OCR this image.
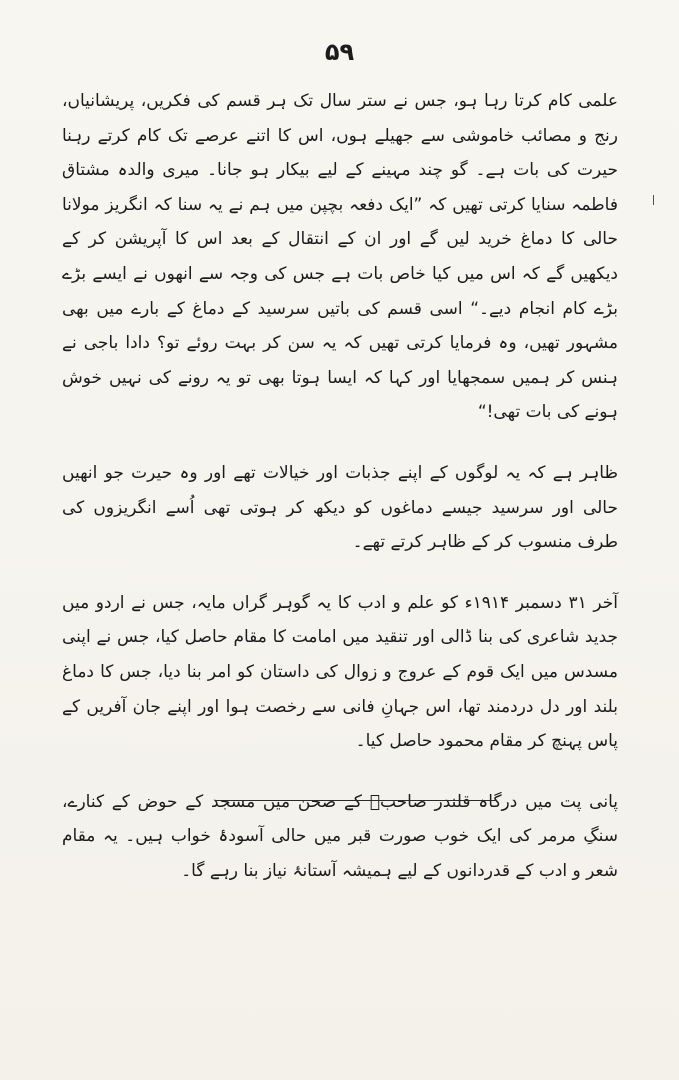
۵۹

علمی کام کرتا رہا ہو، جس نے ستر سال تک ہر قسم کی فکریں، پریشانیاں، رنج و مصائب خاموشی سے جھیلے ہوں، اس کا اتنے عرصے تک کام کرتے رہنا حیرت کی بات ہے۔ گو چند مہینے کے لیے بیکار ہو جانا۔ میری والدہ مشتاق فاطمہ سنایا کرتی تھیں کہ ”ایک دفعہ بچپن میں ہم نے یہ سنا کہ انگریز مولانا حالی کا دماغ خرید لیں گے اور ان کے انتقال کے بعد اس کا آپریشن کر کے دیکھیں گے کہ اس میں کیا خاص بات ہے جس کی وجہ سے انھوں نے ایسے بڑے بڑے کام انجام دیے۔“ اسی قسم کی باتیں سرسید کے دماغ کے بارے میں بھی مشہور تھیں، وہ فرمایا کرتی تھیں کہ یہ سن کر بہت روئے تو؟ دادا باجی نے ہنس کر ہمیں سمجھایا اور کہا کہ ایسا ہوتا بھی تو یہ رونے کی نہیں خوش ہونے کی بات تھی!“

ظاہر ہے کہ یہ لوگوں کے اپنے جذبات اور خیالات تھے اور وہ حیرت جو انھیں حالی اور سرسید جیسے دماغوں کو دیکھ کر ہوتی تھی اُسے انگریزوں کی طرف منسوب کر کے ظاہر کرتے تھے۔

آخر ۳۱ دسمبر ۱۹۱۴ء کو علم و ادب کا یہ گوہر گراں مایہ، جس نے اردو میں جدید شاعری کی بنا ڈالی اور تنقید میں امامت کا مقام حاصل کیا، جس نے اپنی مسدس میں ایک قوم کے عروج و زوال کی داستان کو امر بنا دیا، جس کا دماغ بلند اور دل دردمند تھا، اس جہانِ فانی سے رخصت ہوا اور اپنے جان آفریں کے پاس پہنچ کر مقام محمود حاصل کیا۔

پانی پت میں درگاہ قلندر صاحبؒ کے صحن میں مسجد کے حوض کے کنارے، سنگِ مرمر کی ایک خوب صورت قبر میں حالی آسودۂ خواب ہیں۔ یہ مقام شعر و ادب کے قدردانوں کے لیے ہمیشہ آستانۂ نیاز بنا رہے گا۔
